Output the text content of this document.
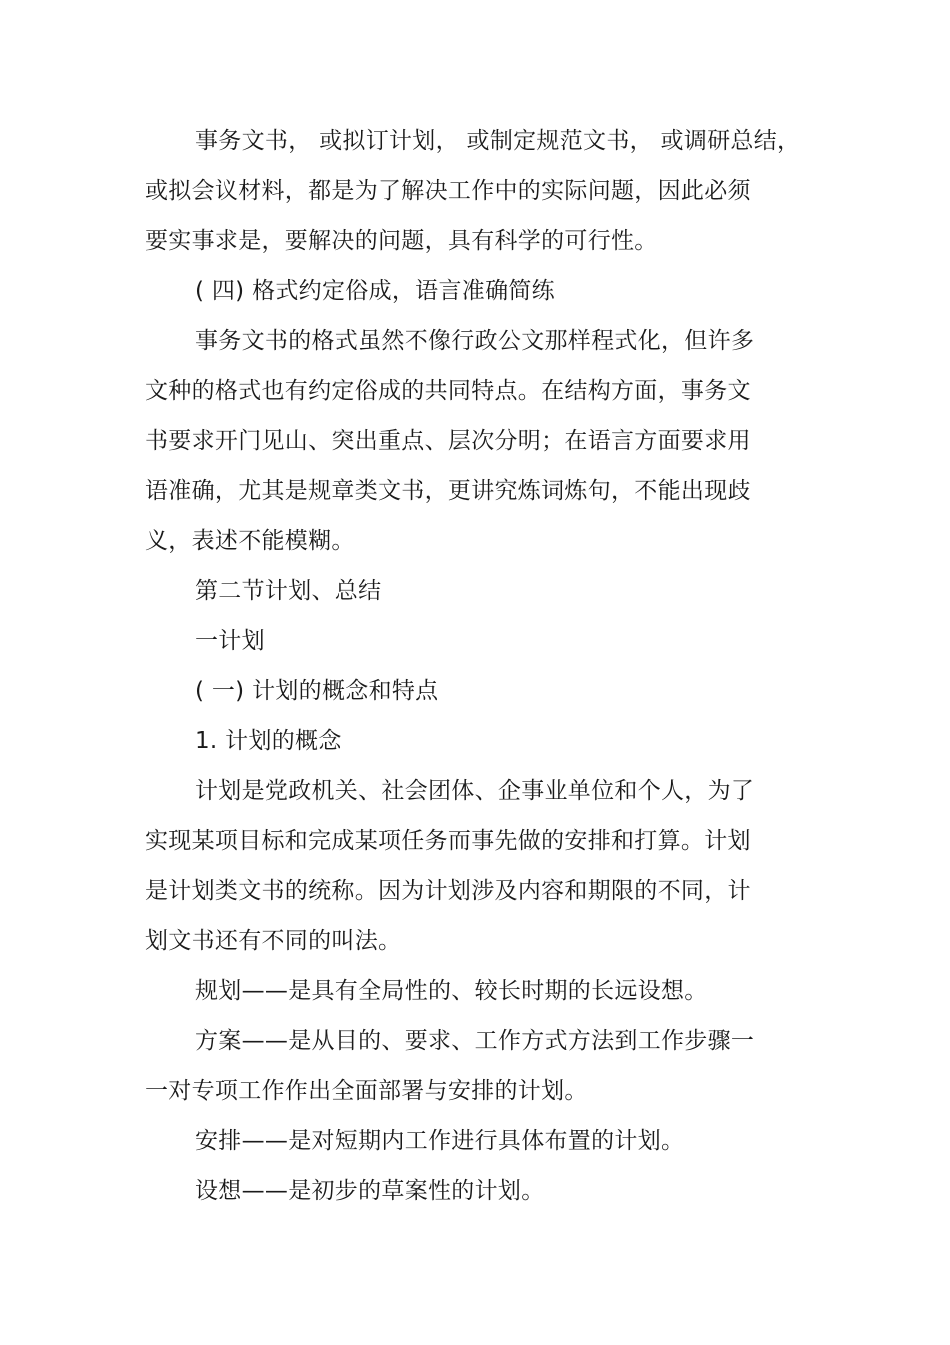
事务文书， 或拟订计划， 或制定规范文书， 或调研总结，
或拟会议材料，都是为了解决工作中的实际问题，因此必须
要实事求是，要解决的问题，具有科学的可行性。
( 四) 格式约定俗成，语言准确简练
事务文书的格式虽然不像行政公文那样程式化，但许多
文种的格式也有约定俗成的共同特点。在结构方面，事务文
书要求开门见山、突出重点、层次分明；在语言方面要求用
语准确，尤其是规章类文书，更讲究炼词炼句，不能出现歧
义，表述不能模糊。
第二节计划、总结
一计划
( 一) 计划的概念和特点
1. 计划的概念
计划是党政机关、社会团体、企事业单位和个人，为了
实现某项目标和完成某项任务而事先做的安排和打算。计划
是计划类文书的统称。因为计划涉及内容和期限的不同，计
划文书还有不同的叫法。
规划——是具有全局性的、较长时期的长远设想。
方案——是从目的、要求、工作方式方法到工作步骤一
一对专项工作作出全面部署与安排的计划。
安排——是对短期内工作进行具体布置的计划。
设想——是初步的草案性的计划。
